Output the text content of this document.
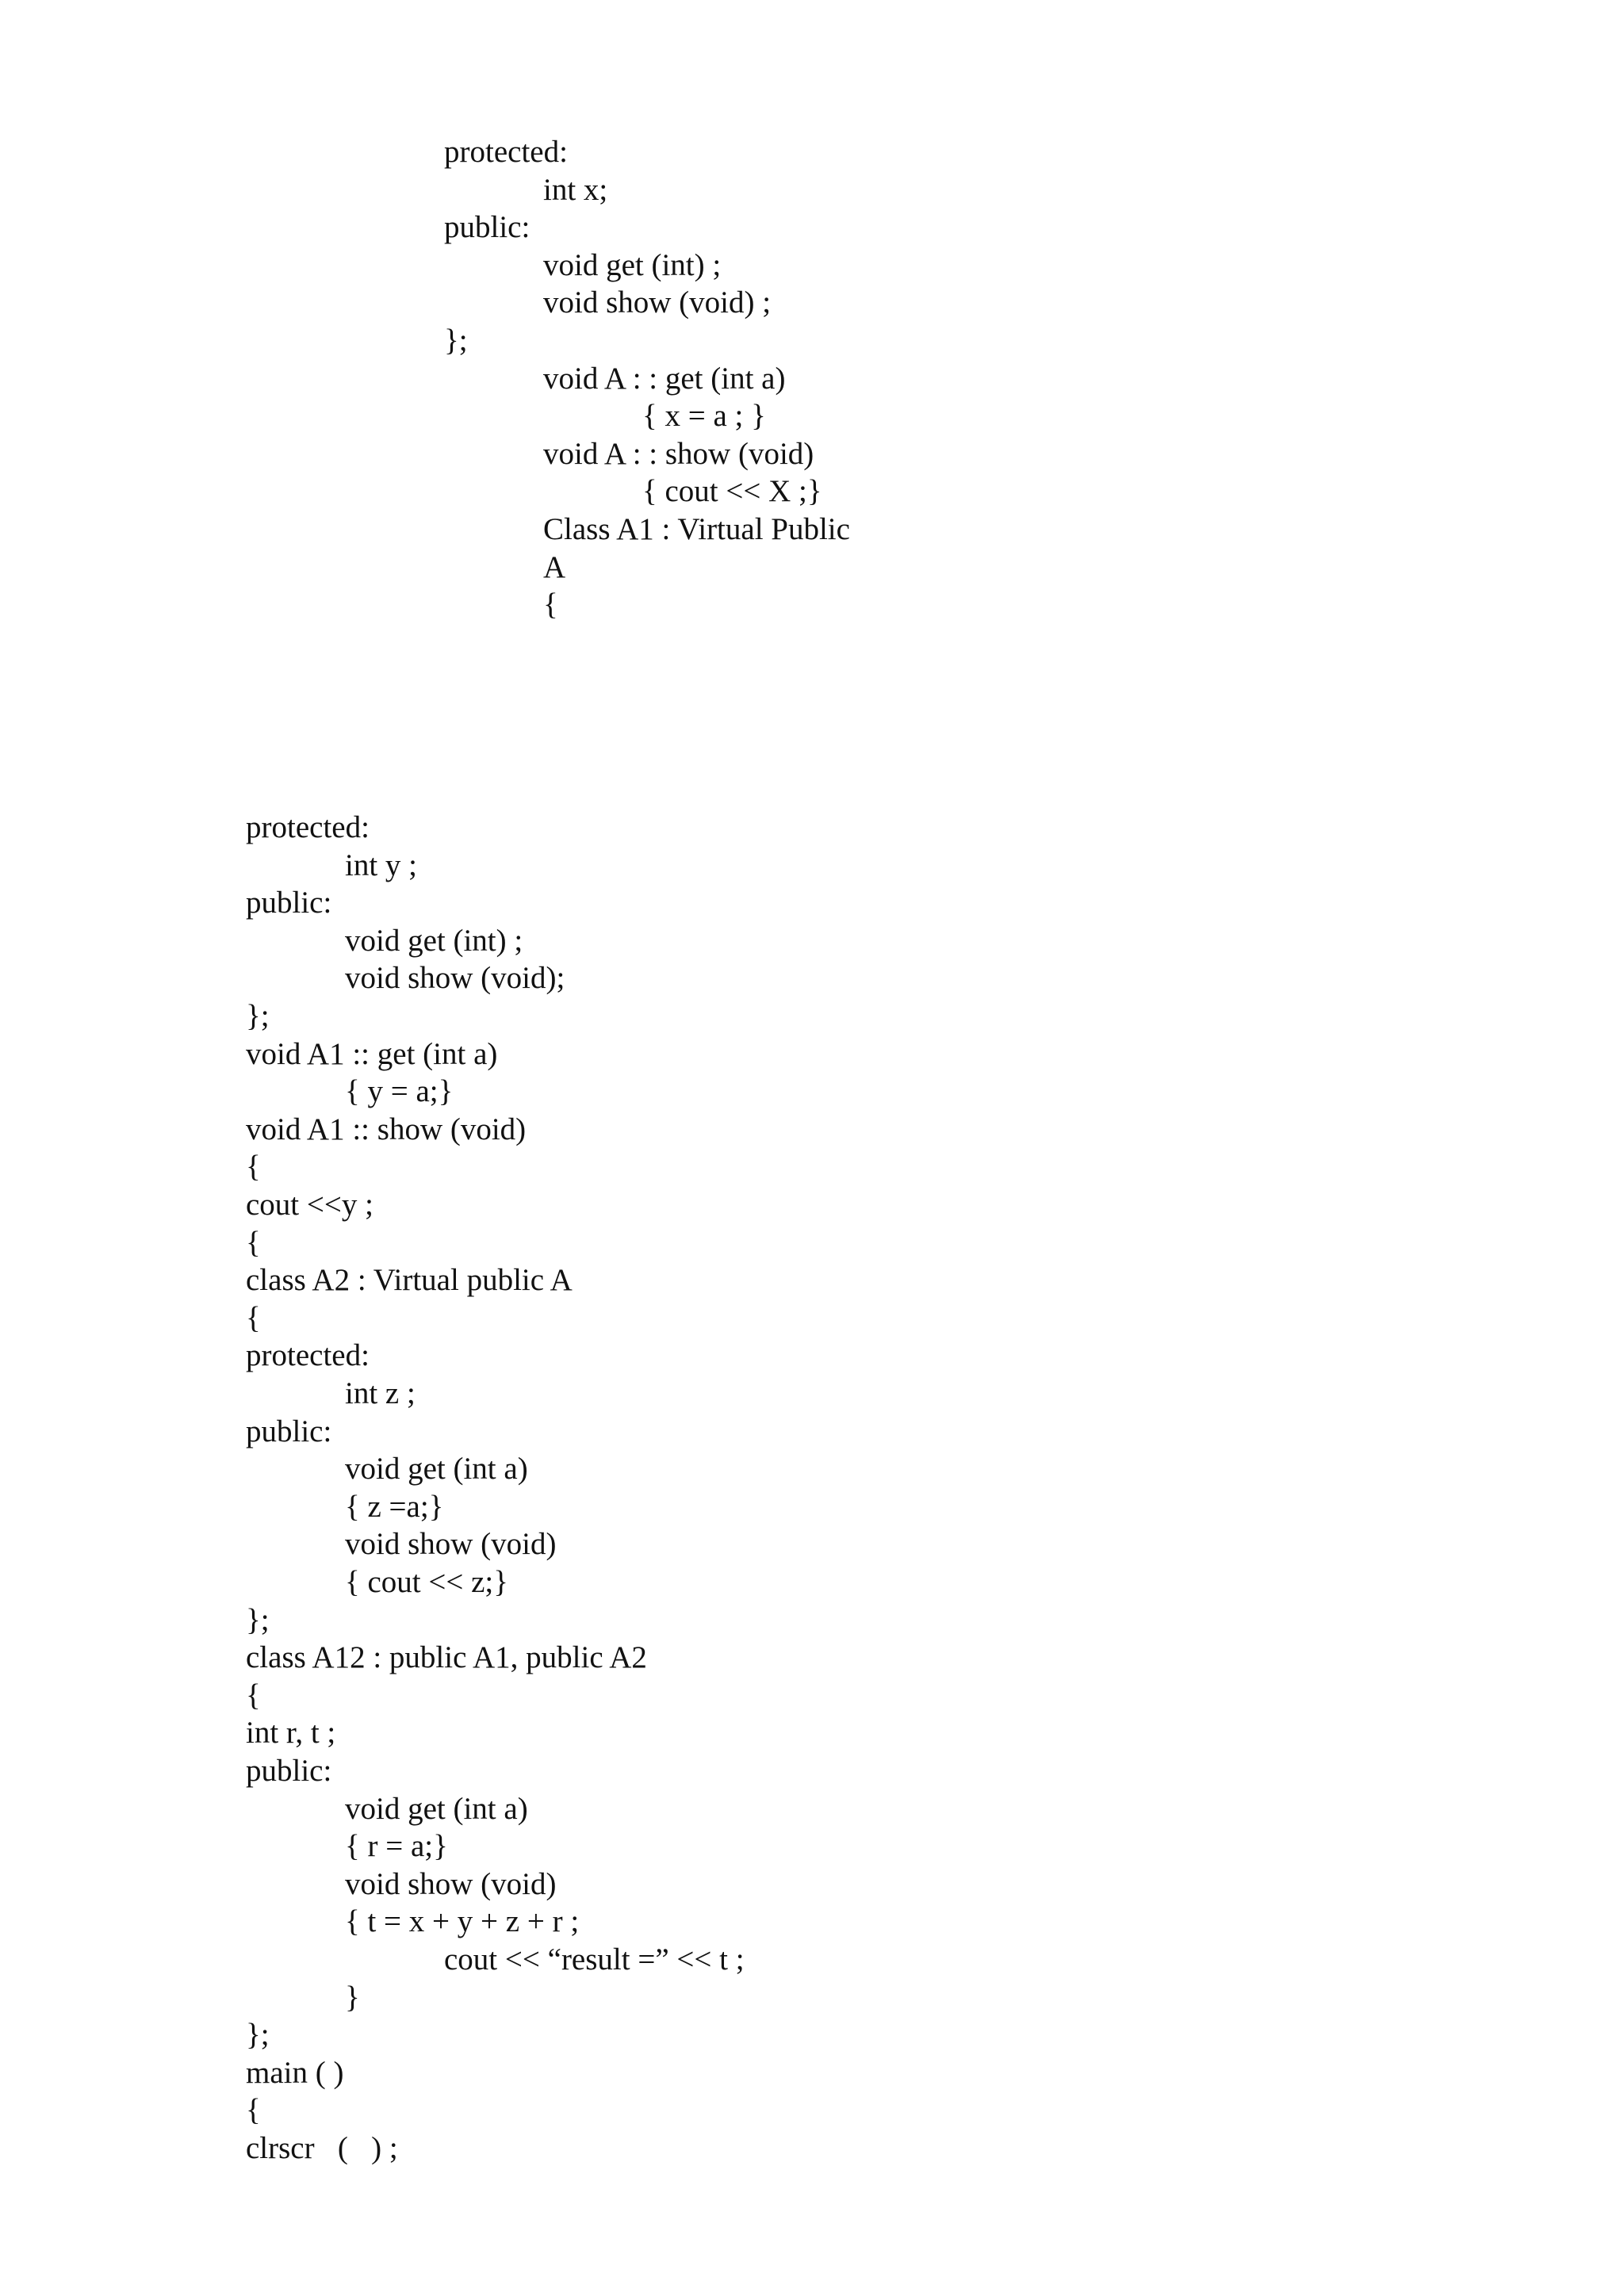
protected:
int x;
public:
void get (int) ;
void show (void) ;
};
void A : : get (int a)
{ x = a ; }
void A : : show (void)
{ cout << X ;}
Class A1 : Virtual Public
A
{
protected:
int y ;
public:
void get (int) ;
void show (void);
};
void A1 :: get (int a)
{ y = a;}
void A1 :: show (void)
{
cout <<y ;
{
class A2 : Virtual public A
{
protected:
int z ;
public:
void get (int a)
{ z =a;}
void show (void)
{ cout << z;}
};
class A12 : public A1, public A2
{
int r, t ;
public:
void get (int a)
{ r = a;}
void show (void)
{ t = x + y + z + r ;
cout << “result =” << t ;
}
};
main ( )
{
clrscr   (   ) ;
